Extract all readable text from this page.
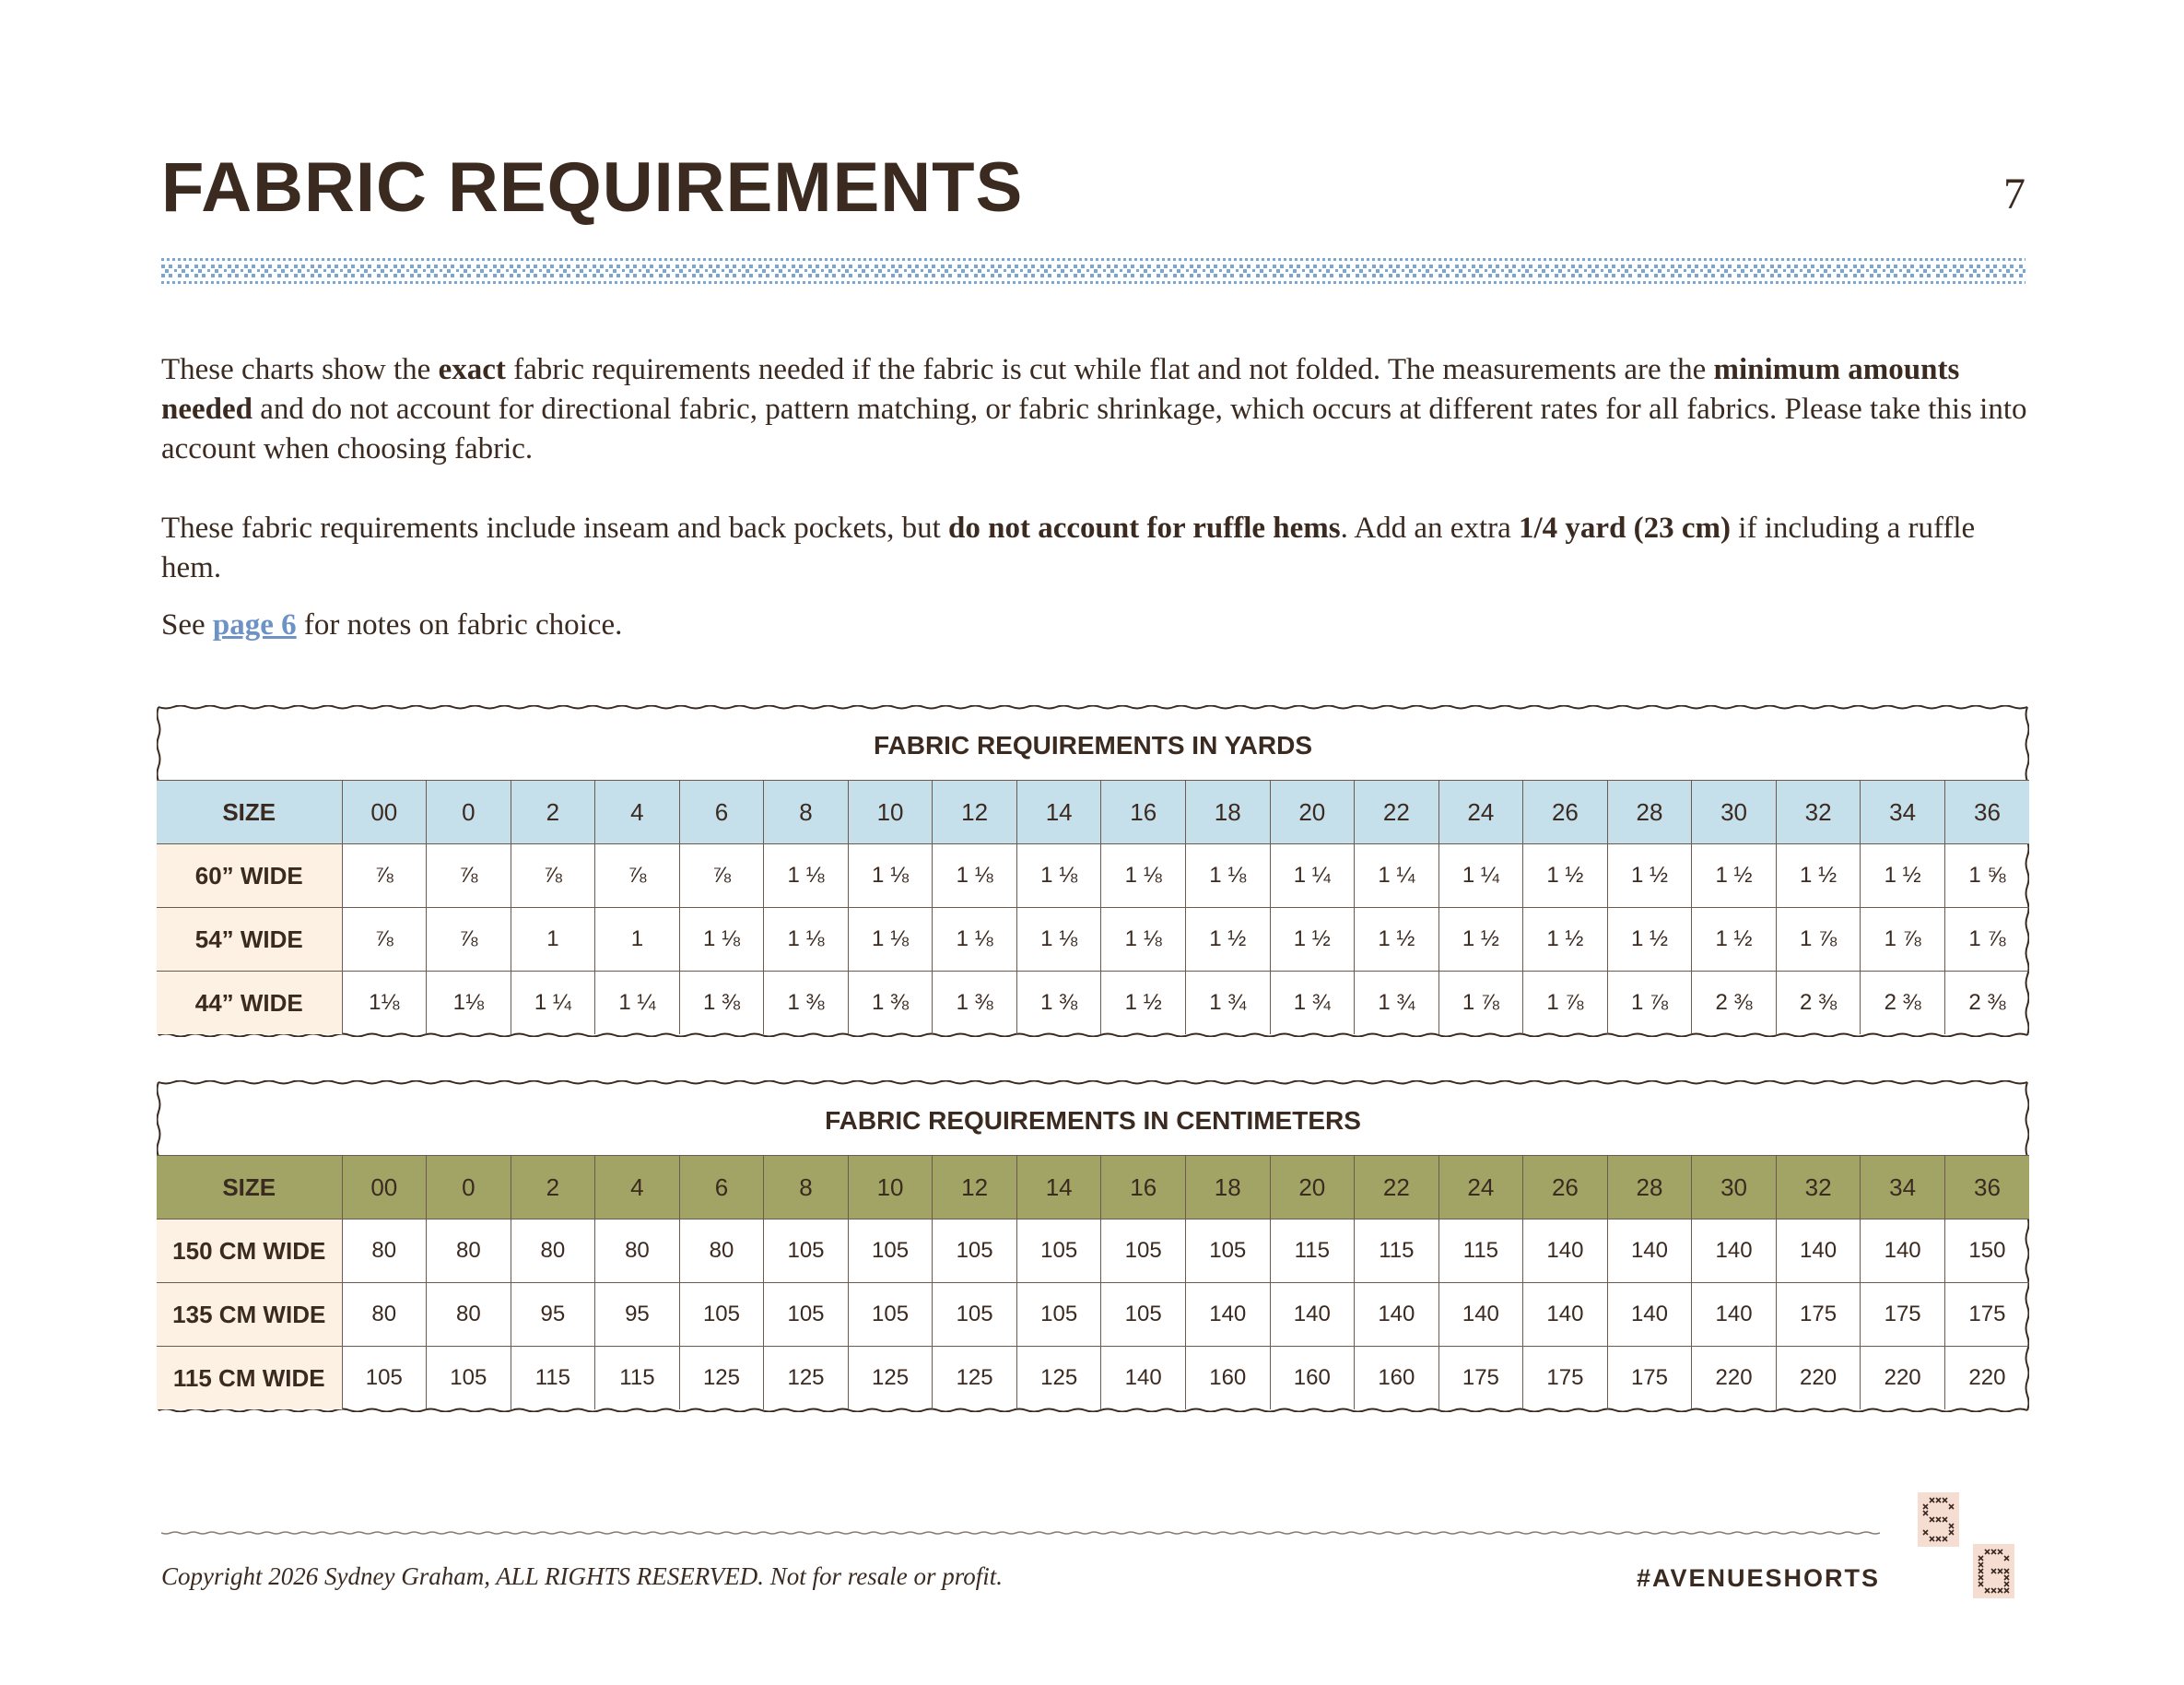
FABRIC REQUIREMENTS	7

These charts show the exact fabric requirements needed if the fabric is cut while flat and not folded. The measurements are the minimum amounts needed and do not account for directional fabric, pattern matching, or fabric shrinkage, which occurs at different rates for all fabrics. Please take this into account when choosing fabric.

These fabric requirements include inseam and back pockets, but do not account for ruffle hems. Add an extra 1/4 yard (23 cm) if including a ruffle hem.

See page 6 for notes on fabric choice.

FABRIC REQUIREMENTS IN YARDS
SIZE	00	0	2	4	6	8	10	12	14	16	18	20	22	24	26	28	30	32	34	36
60” WIDE	⅞	⅞	⅞	⅞	⅞	1 ⅛	1 ⅛	1 ⅛	1 ⅛	1 ⅛	1 ⅛	1 ¼	1 ¼	1 ¼	1 ½	1 ½	1 ½	1 ½	1 ½	1 ⅝
54” WIDE	⅞	⅞	1	1	1 ⅛	1 ⅛	1 ⅛	1 ⅛	1 ⅛	1 ⅛	1 ½	1 ½	1 ½	1 ½	1 ½	1 ½	1 ½	1 ⅞	1 ⅞	1 ⅞
44” WIDE	1⅛	1⅛	1 ¼	1 ¼	1 ⅜	1 ⅜	1 ⅜	1 ⅜	1 ⅜	1 ½	1 ¾	1 ¾	1 ¾	1 ⅞	1 ⅞	1 ⅞	2 ⅜	2 ⅜	2 ⅜	2 ⅜
FABRIC REQUIREMENTS IN CENTIMETERS
SIZE	00	0	2	4	6	8	10	12	14	16	18	20	22	24	26	28	30	32	34	36
150 CM WIDE	80	80	80	80	80	105	105	105	105	105	105	115	115	115	140	140	140	140	140	150
135 CM WIDE	80	80	95	95	105	105	105	105	105	105	140	140	140	140	140	140	140	175	175	175
115 CM WIDE	105	105	115	115	125	125	125	125	125	140	160	160	160	175	175	175	220	220	220	220
Copyright 2026 Sydney Graham, ALL RIGHTS RESERVED. Not for resale or profit.	#AVENUESHORTS
